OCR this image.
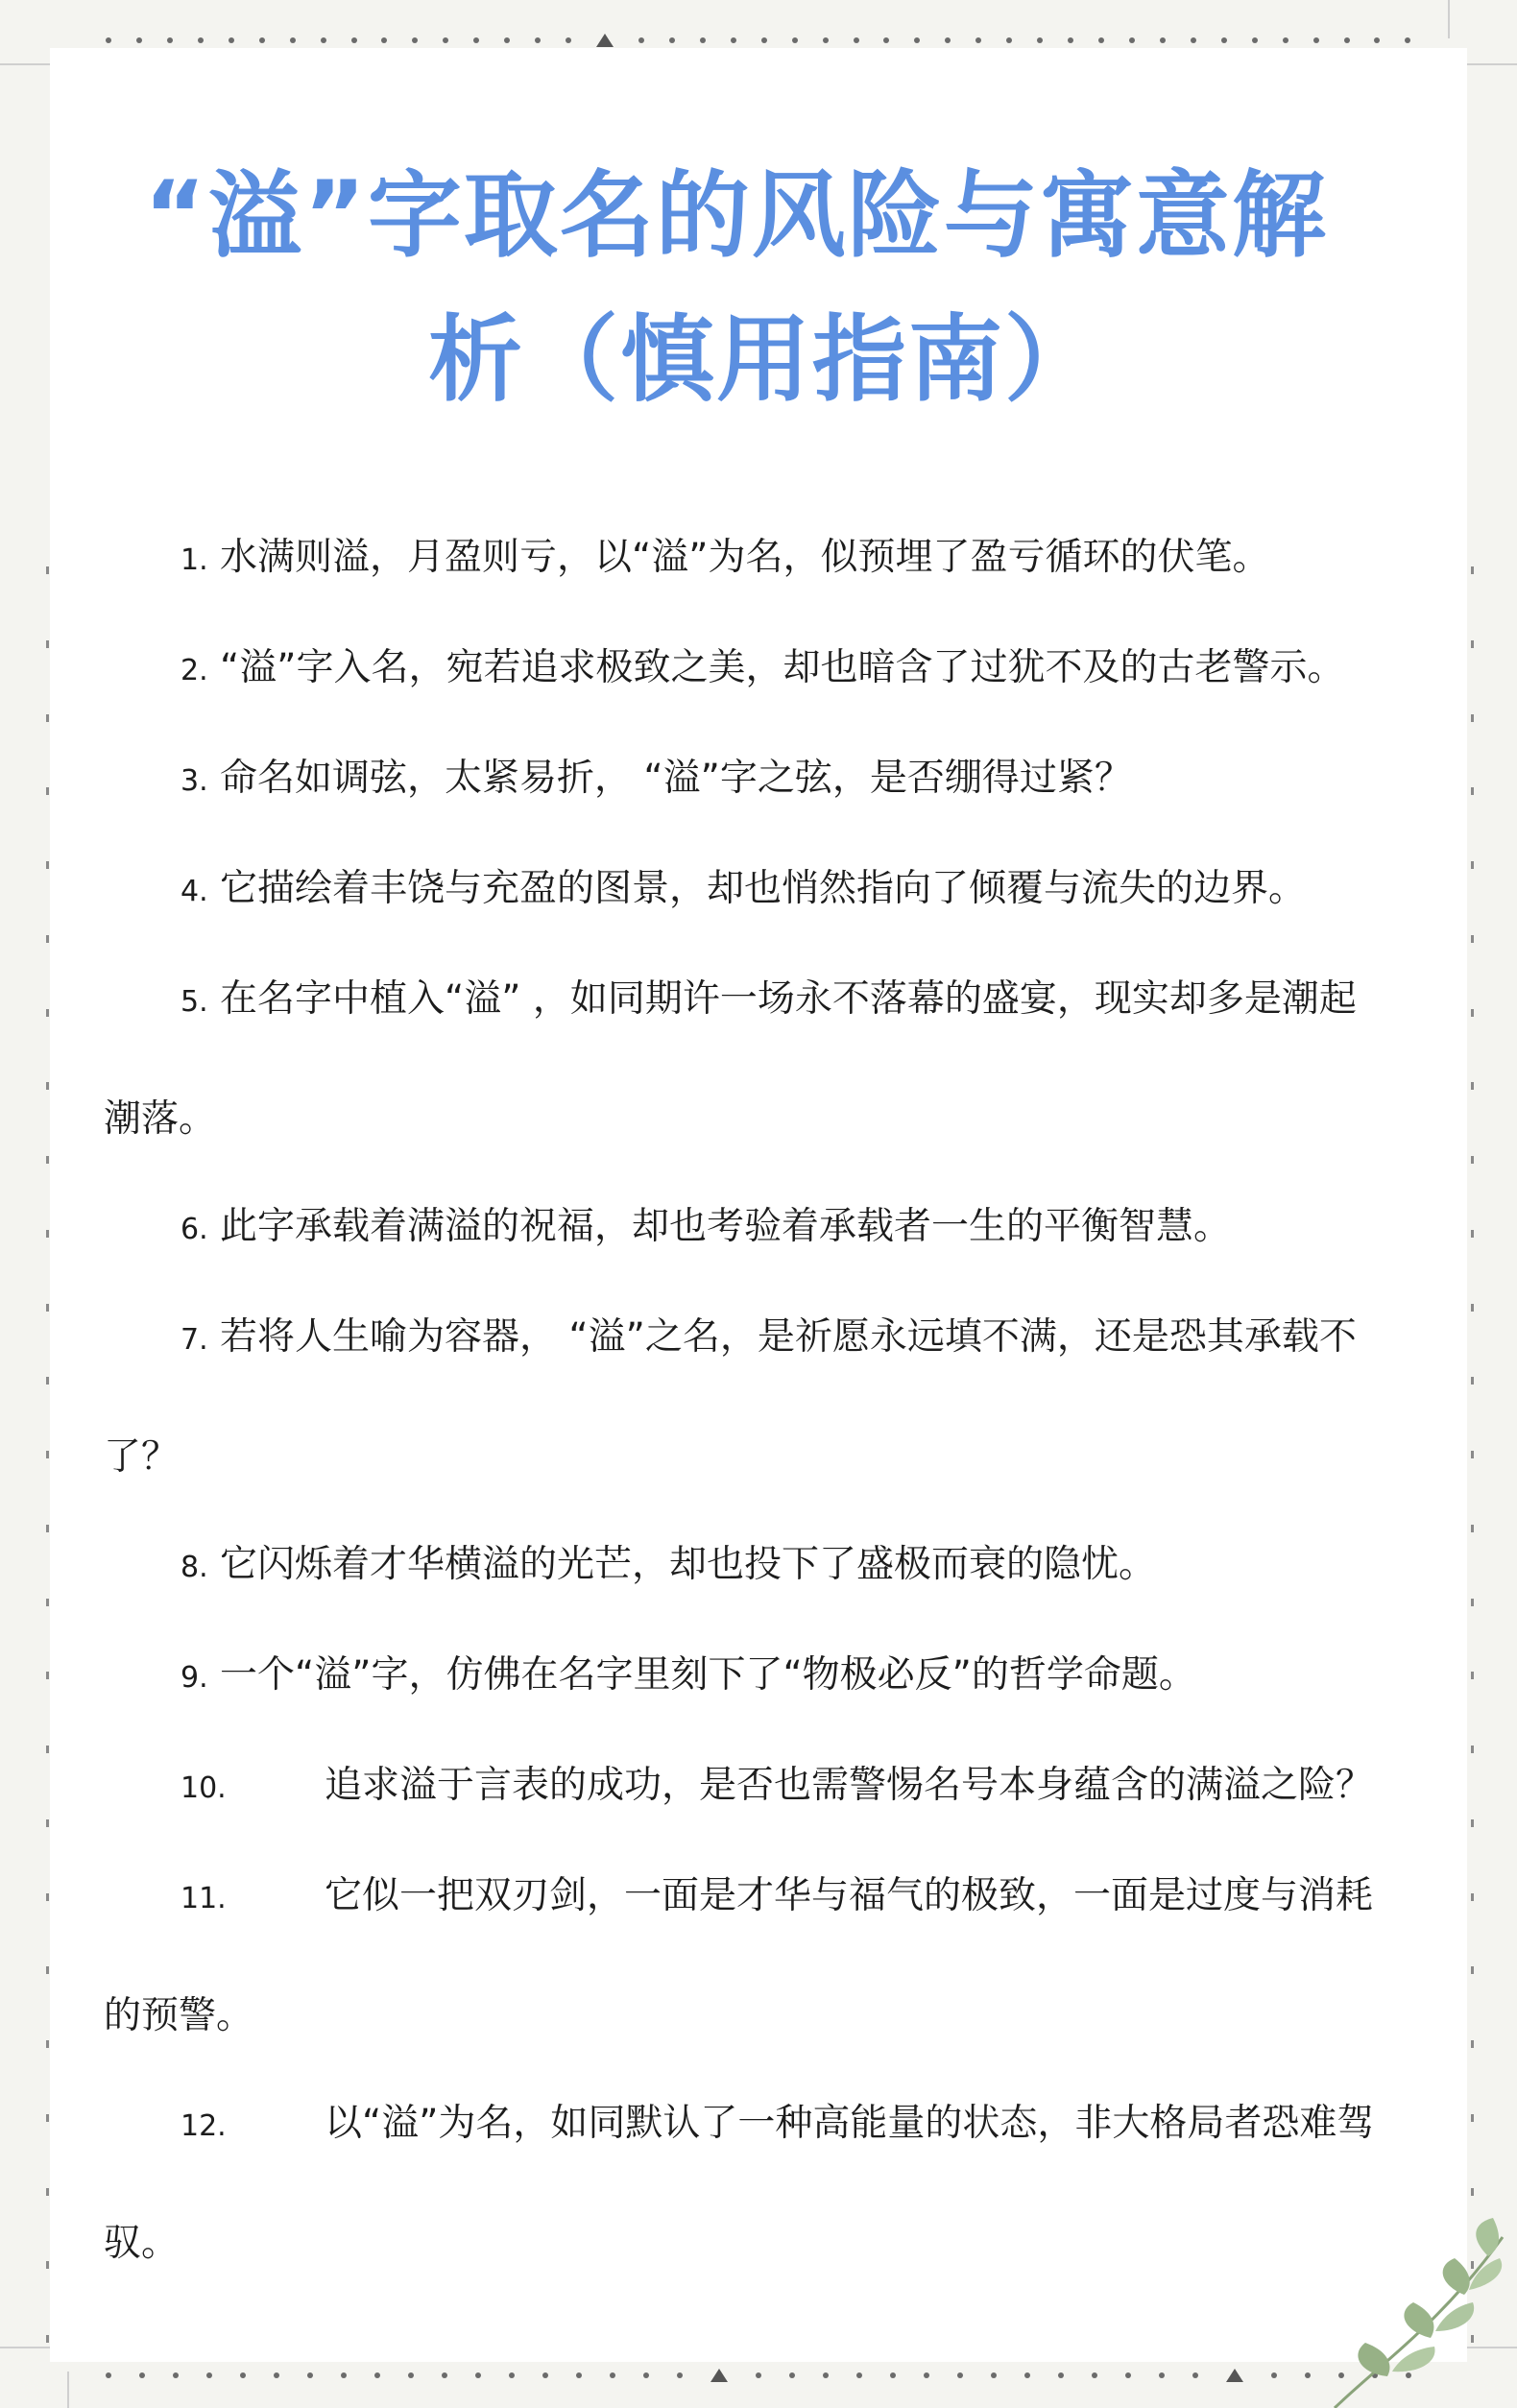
“溢”字取名的风险与寓意解
析（慎用指南）

1. 水满则溢，月盈则亏，以“溢”为名，似预埋了盈亏循环的伏笔。

2. “溢”字入名，宛若追求极致之美，却也暗含了过犹不及的古老警示。

3. 命名如调弦，太紧易折， “溢”字之弦，是否绷得过紧？

4. 它描绘着丰饶与充盈的图景，却也悄然指向了倾覆与流失的边界。

5. 在名字中植入“溢” ，如同期许一场永不落幕的盛宴，现实却多是潮起潮落。

6. 此字承载着满溢的祝福，却也考验着承载者一生的平衡智慧。

7. 若将人生喻为容器， “溢”之名，是祈愿永远填不满，还是恐其承载不了？

8. 它闪烁着才华横溢的光芒，却也投下了盛极而衰的隐忧。

9. 一个“溢”字，仿佛在名字里刻下了“物极必反”的哲学命题。

10.	追求溢于言表的成功，是否也需警惕名号本身蕴含的满溢之险？

11.	它似一把双刃剑，一面是才华与福气的极致，一面是过度与消耗的预警。

12.	以“溢”为名，如同默认了一种高能量的状态，非大格局者恐难驾驭。
